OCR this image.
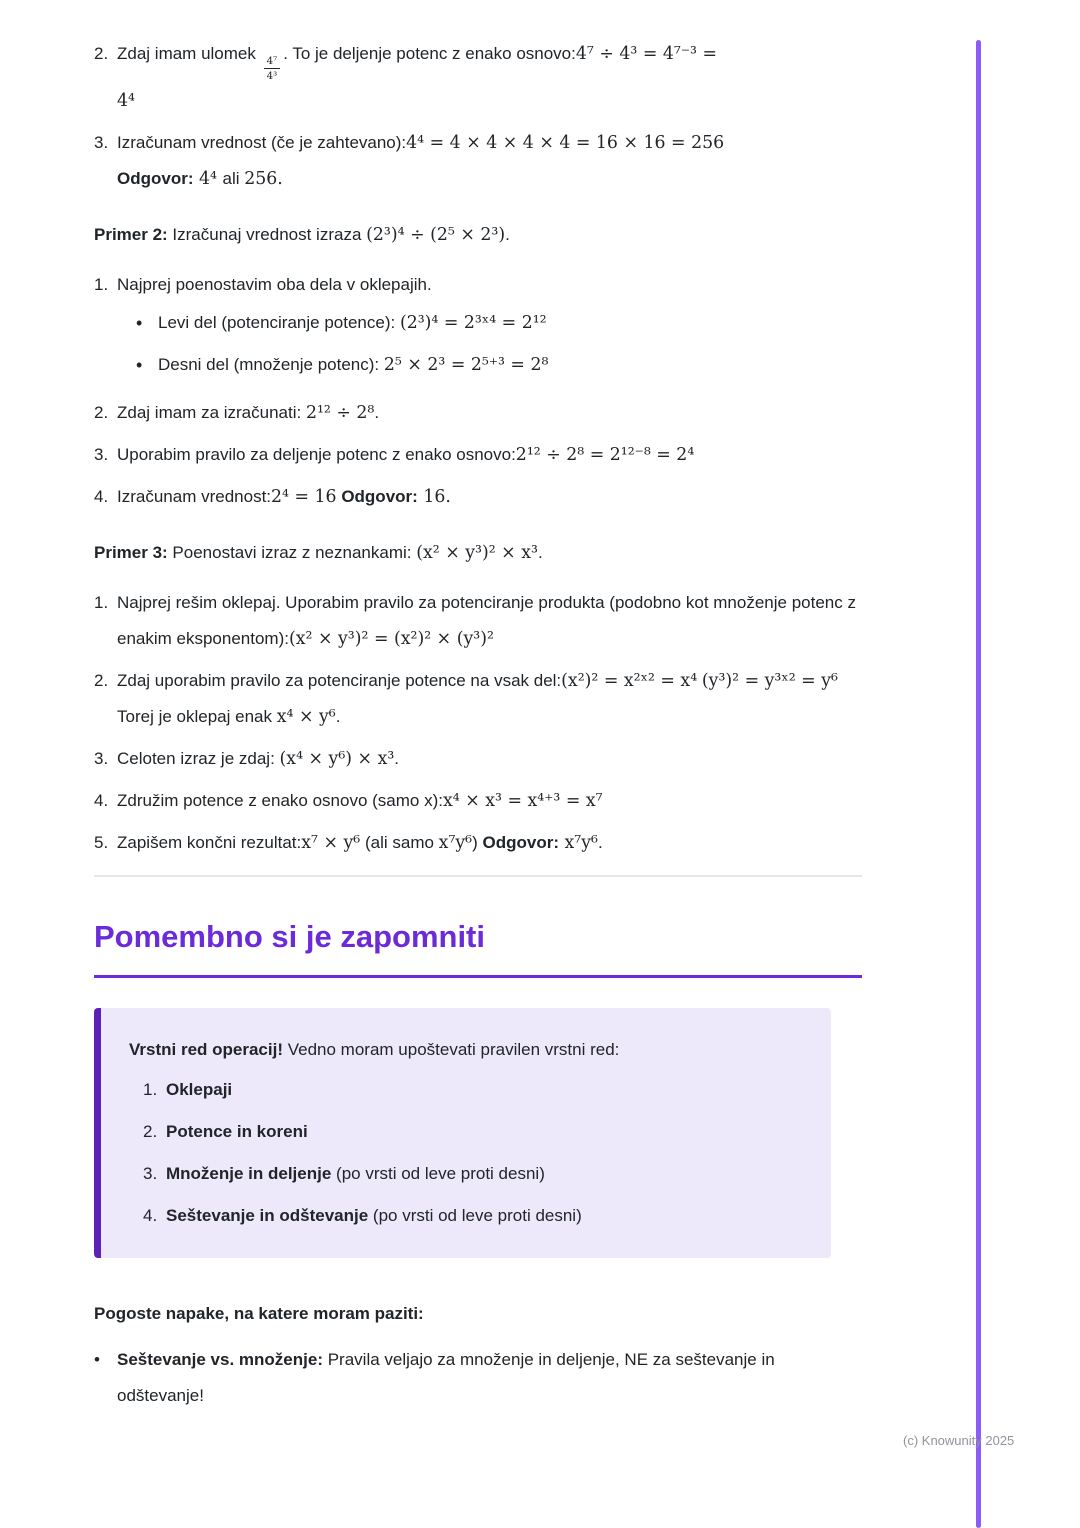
2. Zdaj imam ulomek
$\frac{\text{4⁷}}{\text{4³}}$
. To je deljenje potenc z enako osnovo:4⁷ ÷ 4³ = 4⁷⁻³ =
4⁴
3. Izračunam vrednost (če je zahtevano):4⁴ = 4 × 4 × 4 × 4 = 16 × 16 = 256
Odgovor: 4⁴ ali 256.

Primer 2: Izračunaj vrednost izraza (2³)⁴ ÷ (2⁵ × 2³).

1. Najprej poenostavim oba dela v oklepajih.
• Levi del (potenciranje potence): (2³)⁴ = 2³ˣ⁴ = 2¹²
• Desni del (množenje potenc): 2⁵ × 2³ = 2⁵⁺³ = 2⁸
2. Zdaj imam za izračunati: 2¹² ÷ 2⁸.
3. Uporabim pravilo za deljenje potenc z enako osnovo:2¹² ÷ 2⁸ = 2¹²⁻⁸ = 2⁴
4. Izračunam vrednost:2⁴ = 16 Odgovor: 16.

Primer 3: Poenostavi izraz z neznankami: (x² × y³)² × x³.

1. Najprej rešim oklepaj. Uporabim pravilo za potenciranje produkta (podobno kot množenje potenc z enakim eksponentom):(x² × y³)² = (x²)² × (y³)²
2. Zdaj uporabim pravilo za potenciranje potence na vsak del:(x²)² = x²ˣ² = x⁴ (y³)² = y³ˣ² = y⁶ Torej je oklepaj enak x⁴ × y⁶.
3. Celoten izraz je zdaj: (x⁴ × y⁶) × x³.
4. Združim potence z enako osnovo (samo x):x⁴ × x³ = x⁴⁺³ = x⁷
5. Zapišem končni rezultat:x⁷ × y⁶ (ali samo x⁷y⁶) Odgovor: x⁷y⁶.
Pomembno si je zapomniti

Vrstni red operacij! Vedno moram upoštevati pravilen vrstni red:

1. Oklepaji
2. Potence in koreni
3. Množenje in deljenje (po vrsti od leve proti desni)
4. Seštevanje in odštevanje (po vrsti od leve proti desni)

Pogoste napake, na katere moram paziti:

•	Seštevanje vs. množenje: Pravila veljajo za množenje in deljenje, NE za seštevanje in odštevanje!
(c) Knowunity 2025
